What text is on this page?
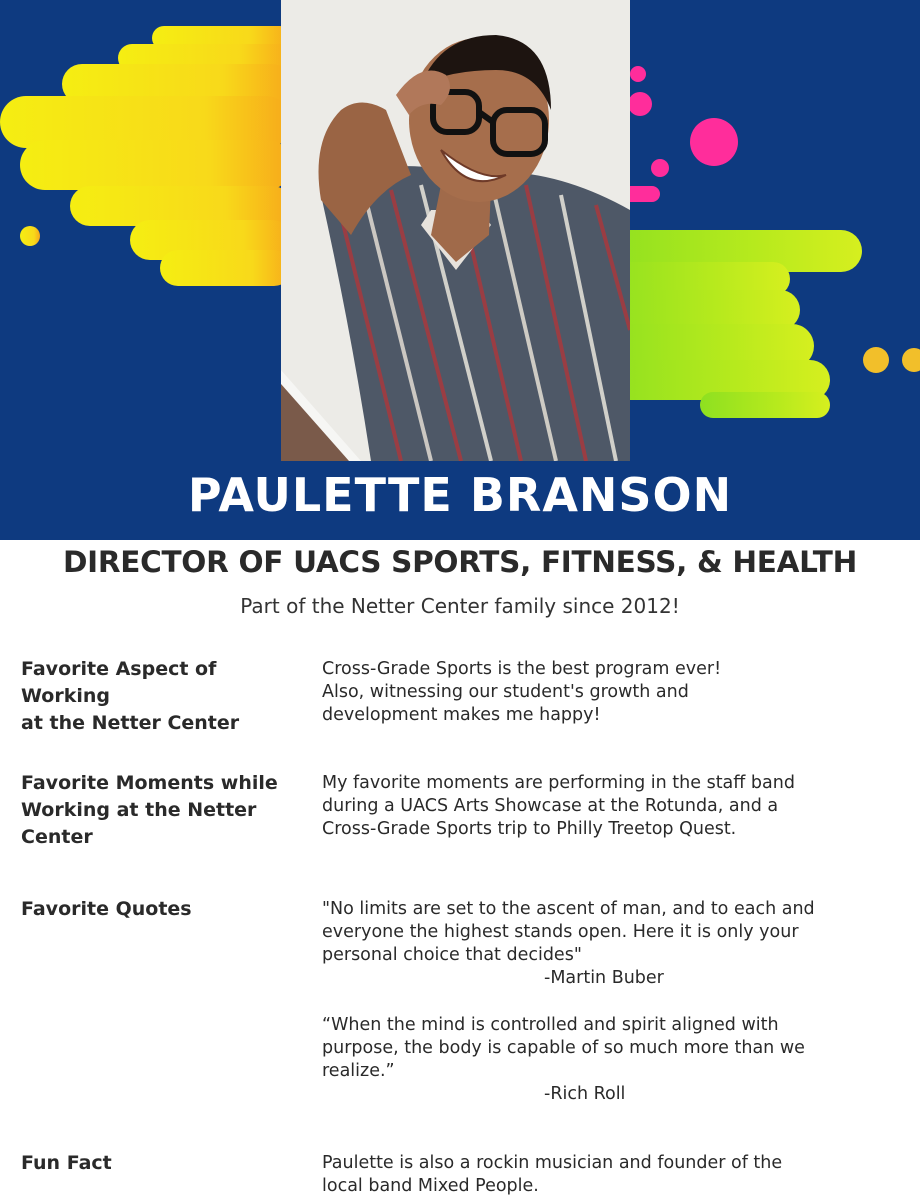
PAULETTE BRANSON
DIRECTOR OF UACS SPORTS, FITNESS, & HEALTH
Part of the Netter Center family since 2012!
Favorite Aspect of Working
at the Netter Center
Cross-Grade Sports is the best program ever!
Also, witnessing our student's growth and
development makes me happy!
Favorite Moments while
Working at the Netter
Center
My favorite moments are performing in the staff band
during a UACS Arts Showcase at the Rotunda, and a
Cross-Grade Sports trip to Philly Treetop Quest.
Favorite Quotes	"No limits are set to the ascent of man, and to each and
everyone the highest stands open. Here it is only your
personal choice that decides"
-Martin Buber
“When the mind is controlled and spirit aligned with
purpose, the body is capable of so much more than we
realize.”
-Rich Roll
Fun Fact	Paulette is also a rockin musician and founder of the
local band Mixed People.
